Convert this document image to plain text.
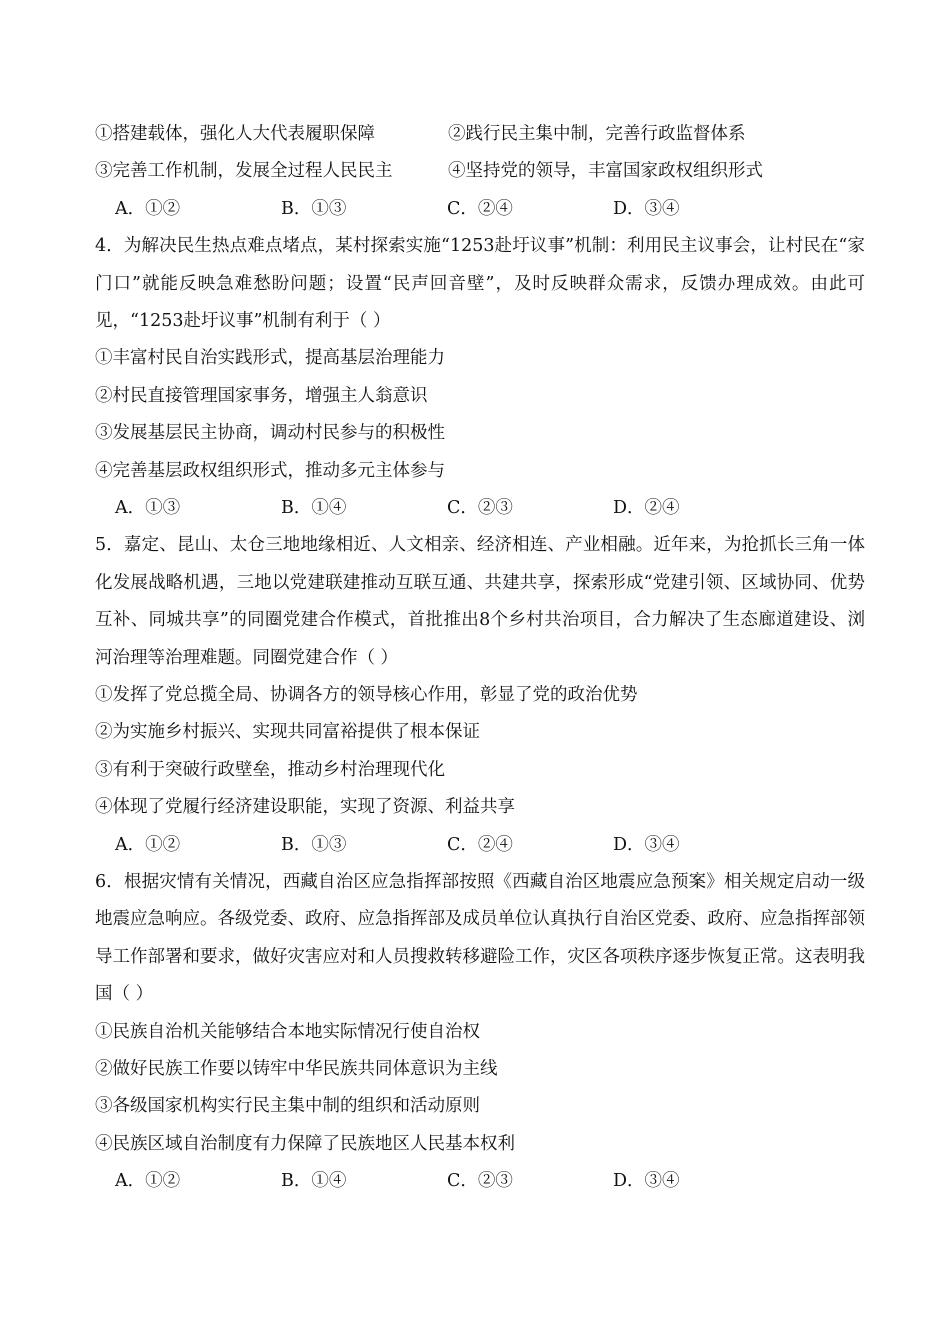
①搭建载体，强化人大代表履职保障	②践行民主集中制，完善行政监督体系
③完善工作机制，发展全过程人民民主	④坚持党的领导，丰富国家政权组织形式
A．①②	B．①③	C．②④	D．③④
4．为解决民生热点难点堵点，某村探索实施“1253赴圩议事”机制：利用民主议事会，让村民在“家门口”就能反映急难愁盼问题；设置“民声回音壁”，及时反映群众需求，反馈办理成效。由此可见，“1253赴圩议事”机制有利于（ ）
①丰富村民自治实践形式，提高基层治理能力
②村民直接管理国家事务，增强主人翁意识
③发展基层民主协商，调动村民参与的积极性
④完善基层政权组织形式，推动多元主体参与
A．①③	B．①④	C．②③	D．②④
5．嘉定、昆山、太仓三地地缘相近、人文相亲、经济相连、产业相融。近年来，为抢抓长三角一体化发展战略机遇，三地以党建联建推动互联互通、共建共享，探索形成“党建引领、区域协同、优势互补、同城共享”的同圈党建合作模式，首批推出8个乡村共治项目，合力解决了生态廊道建设、浏河治理等治理难题。同圈党建合作（ ）
①发挥了党总揽全局、协调各方的领导核心作用，彰显了党的政治优势
②为实施乡村振兴、实现共同富裕提供了根本保证
③有利于突破行政壁垒，推动乡村治理现代化
④体现了党履行经济建设职能，实现了资源、利益共享
A．①②	B．①③	C．②④	D．③④
6．根据灾情有关情况，西藏自治区应急指挥部按照《西藏自治区地震应急预案》相关规定启动一级地震应急响应。各级党委、政府、应急指挥部及成员单位认真执行自治区党委、政府、应急指挥部领导工作部署和要求，做好灾害应对和人员搜救转移避险工作，灾区各项秩序逐步恢复正常。这表明我国（ ）
①民族自治机关能够结合本地实际情况行使自治权
②做好民族工作要以铸牢中华民族共同体意识为主线
③各级国家机构实行民主集中制的组织和活动原则
④民族区域自治制度有力保障了民族地区人民基本权利
A．①②	B．①④	C．②③	D．③④
